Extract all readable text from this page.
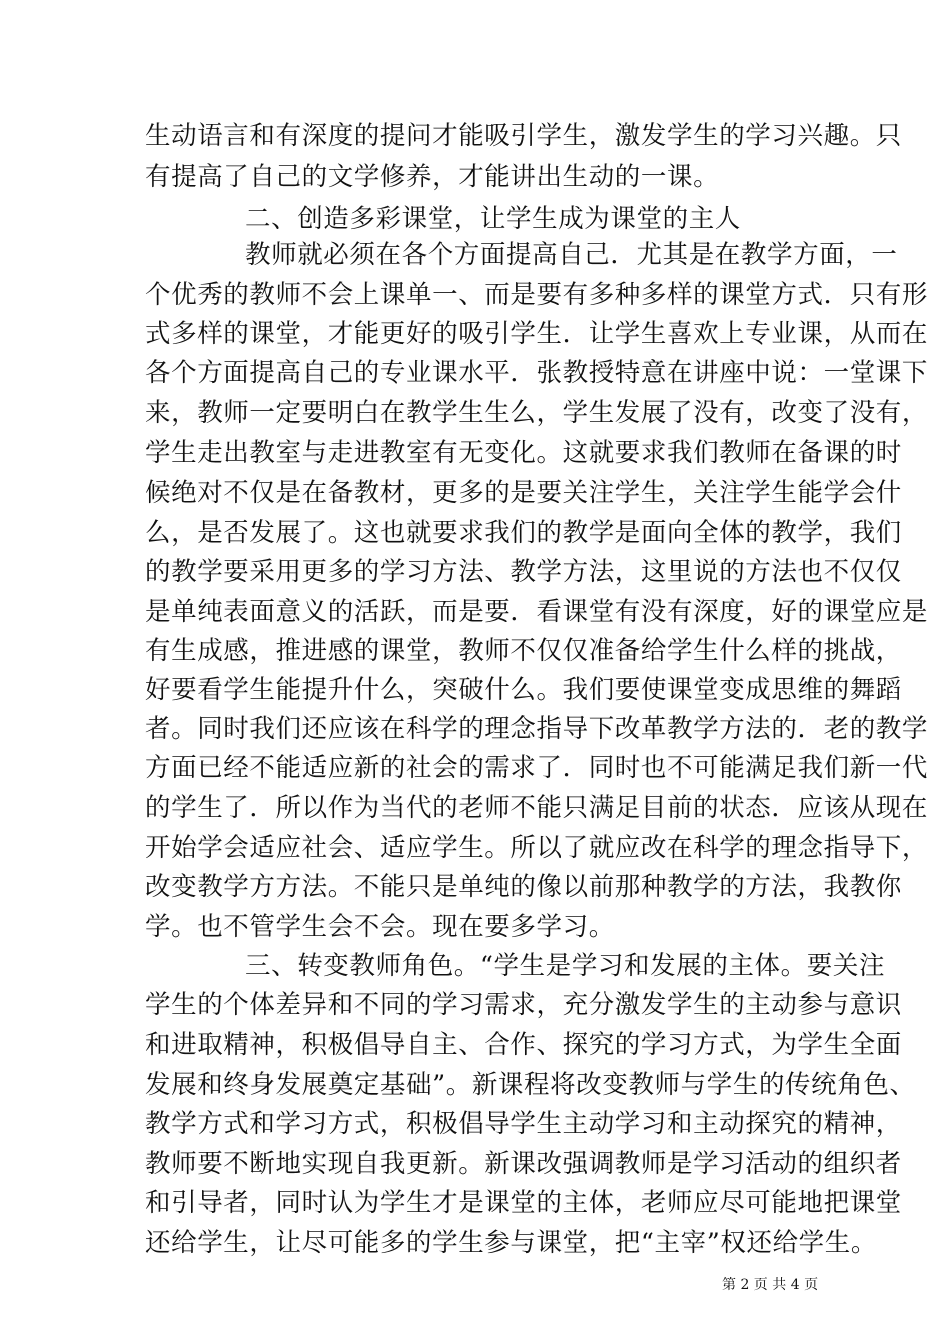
生动语言和有深度的提问才能吸引学生，激发学生的学习兴趣。只
有提高了自己的文学修养，才能讲出生动的一课。
二、创造多彩课堂，让学生成为课堂的主人
教师就必须在各个方面提高自己．尤其是在教学方面，一
个优秀的教师不会上课单一、而是要有多种多样的课堂方式．只有形
式多样的课堂，才能更好的吸引学生．让学生喜欢上专业课，从而在
各个方面提高自己的专业课水平．张教授特意在讲座中说：一堂课下
来，教师一定要明白在教学生生么，学生发展了没有，改变了没有，
学生走出教室与走进教室有无变化。这就要求我们教师在备课的时
候绝对不仅是在备教材，更多的是要关注学生，关注学生能学会什
么，是否发展了。这也就要求我们的教学是面向全体的教学，我们
的教学要采用更多的学习方法、教学方法，这里说的方法也不仅仅
是单纯表面意义的活跃，而是要．看课堂有没有深度，好的课堂应是
有生成感，推进感的课堂，教师不仅仅准备给学生什么样的挑战，
好要看学生能提升什么，突破什么。我们要使课堂变成思维的舞蹈
者。同时我们还应该在科学的理念指导下改革教学方法的．老的教学
方面已经不能适应新的社会的需求了．同时也不可能满足我们新一代
的学生了．所以作为当代的老师不能只满足目前的状态．应该从现在
开始学会适应社会、适应学生。所以了就应改在科学的理念指导下，
改变教学方方法。不能只是单纯的像以前那种教学的方法，我教你
学。也不管学生会不会。现在要多学习。
三、转变教师角色。“学生是学习和发展的主体。要关注
学生的个体差异和不同的学习需求，充分激发学生的主动参与意识
和进取精神，积极倡导自主、合作、探究的学习方式，为学生全面
发展和终身发展奠定基础”。新课程将改变教师与学生的传统角色、
教学方式和学习方式，积极倡导学生主动学习和主动探究的精神，
教师要不断地实现自我更新。新课改强调教师是学习活动的组织者
和引导者，同时认为学生才是课堂的主体，老师应尽可能地把课堂
还给学生，让尽可能多的学生参与课堂，把“主宰”权还给学生。
第 2 页 共 4 页
